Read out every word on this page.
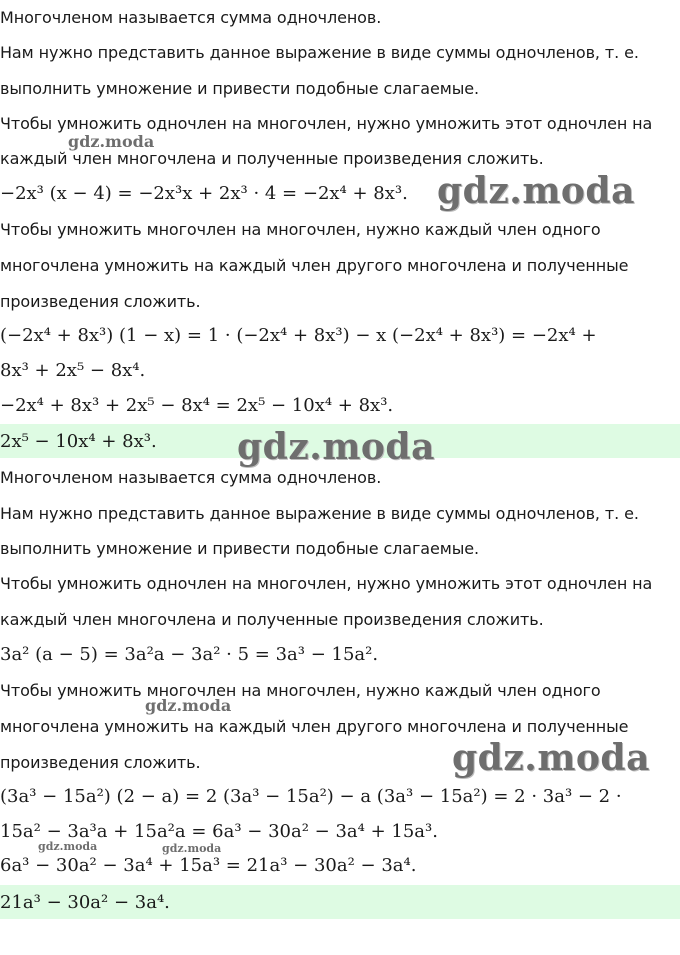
Многочленом называется сумма одночленов.
Нам нужно представить данное выражение в виде суммы одночленов, т. е.
выполнить умножение и привести подобные слагаемые.
Чтобы умножить одночлен на многочлен, нужно умножить этот одночлен на
каждый член многочлена и полученные произведения сложить.
−2x³ (x − 4) = −2x³x + 2x³ · 4 = −2x⁴ + 8x³.
Чтобы умножить многочлен на многочлен, нужно каждый член одного
многочлена умножить на каждый член другого многочлена и полученные
произведения сложить.
(−2x⁴ + 8x³) (1 − x) = 1 · (−2x⁴ + 8x³) − x (−2x⁴ + 8x³) = −2x⁴ +
8x³ + 2x⁵ − 8x⁴.
−2x⁴ + 8x³ + 2x⁵ − 8x⁴ = 2x⁵ − 10x⁴ + 8x³.
2x⁵ − 10x⁴ + 8x³.
Многочленом называется сумма одночленов.
Нам нужно представить данное выражение в виде суммы одночленов, т. е.
выполнить умножение и привести подобные слагаемые.
Чтобы умножить одночлен на многочлен, нужно умножить этот одночлен на
каждый член многочлена и полученные произведения сложить.
3a² (a − 5) = 3a²a − 3a² · 5 = 3a³ − 15a².
Чтобы умножить многочлен на многочлен, нужно каждый член одного
многочлена умножить на каждый член другого многочлена и полученные
произведения сложить.
(3a³ − 15a²) (2 − a) = 2 (3a³ − 15a²) − a (3a³ − 15a²) = 2 · 3a³ − 2 ·
15a² − 3a³a + 15a²a = 6a³ − 30a² − 3a⁴ + 15a³.
6a³ − 30a² − 3a⁴ + 15a³ = 21a³ − 30a² − 3a⁴.
21a³ − 30a² − 3a⁴.
gdz.moda
gdz.moda
gdz.moda
gdz.moda
gdz.moda
gdz.moda	gdz.moda
